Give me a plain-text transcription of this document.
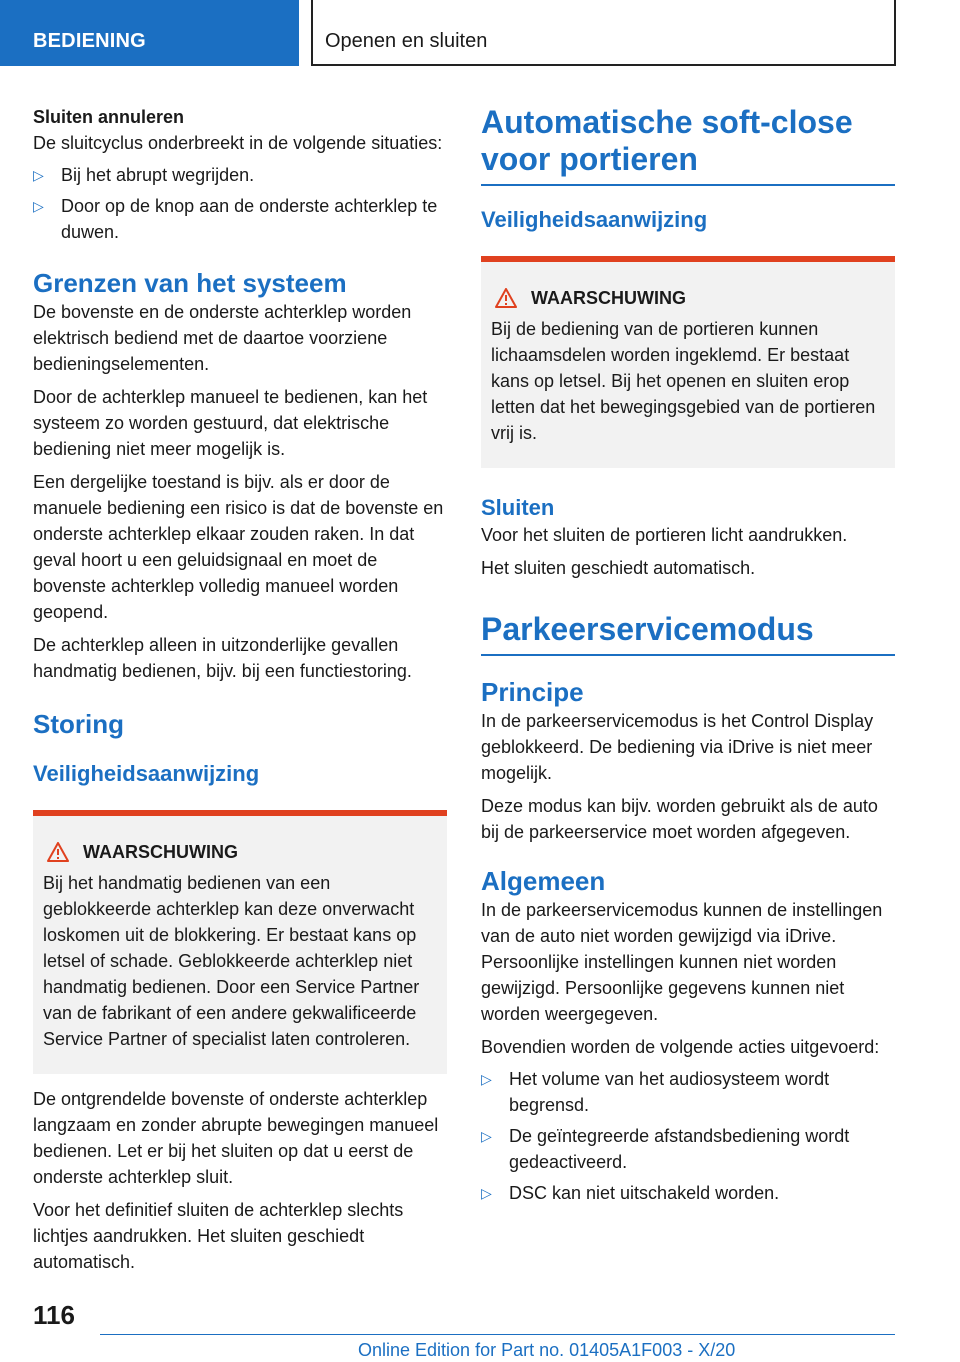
BEDIENING	Openen en sluiten
Sluiten annuleren

De sluitcyclus onderbreekt in de volgende situaties:

▷ Bij het abrupt wegrijden.
▷ Door op de knop aan de onderste achterklep te duwen.
Grenzen van het systeem

De bovenste en de onderste achterklep worden elektrisch bediend met de daartoe voorziene bedieningselementen.

Door de achterklep manueel te bedienen, kan het systeem zo worden gestuurd, dat elektrische bediening niet meer mogelijk is.

Een dergelijke toestand is bijv. als er door de manuele bediening een risico is dat de bovenste en onderste achterklep elkaar zouden raken. In dat geval hoort u een geluidsignaal en moet de bovenste achterklep volledig manueel worden geopend.

De achterklep alleen in uitzonderlijke gevallen handmatig bedienen, bijv. bij een functiestoring.

Storing
Veiligheidsaanwijzing
WAARSCHUWING

Bij het handmatig bedienen van een geblokkeerde achterklep kan deze onverwacht loskomen uit de blokkering. Er bestaat kans op letsel of schade. Geblokkeerde achterklep niet handmatig bedienen. Door een Service Partner van de fabrikant of een andere gekwalificeerde Service Partner of specialist laten controleren.

De ontgrendelde bovenste of onderste achterklep langzaam en zonder abrupte bewegingen manueel bedienen. Let er bij het sluiten op dat u eerst de onderste achterklep sluit.

Voor het definitief sluiten de achterklep slechts lichtjes aandrukken. Het sluiten geschiedt automatisch.

Automatische soft-close voor portieren
Veiligheidsaanwijzing
WAARSCHUWING

Bij de bediening van de portieren kunnen lichaamsdelen worden ingeklemd. Er bestaat kans op letsel. Bij het openen en sluiten erop letten dat het bewegingsgebied van de portieren vrij is.

Sluiten

Voor het sluiten de portieren licht aandrukken.

Het sluiten geschiedt automatisch.

Parkeerservicemodus
Principe

In de parkeerservicemodus is het Control Display geblokkeerd. De bediening via iDrive is niet meer mogelijk.

Deze modus kan bijv. worden gebruikt als de auto bij de parkeerservice moet worden afgegeven.

Algemeen

In de parkeerservicemodus kunnen de instellingen van de auto niet worden gewijzigd via iDrive. Persoonlijke instellingen kunnen niet worden gewijzigd. Persoonlijke gegevens kunnen niet worden weergegeven.

Bovendien worden de volgende acties uitgevoerd:

▷ Het volume van het audiosysteem wordt begrensd.
▷ De geïntegreerde afstandsbediening wordt gedeactiveerd.
▷ DSC kan niet uitschakeld worden.
116
Online Edition for Part no. 01405A1F003 - X/20
